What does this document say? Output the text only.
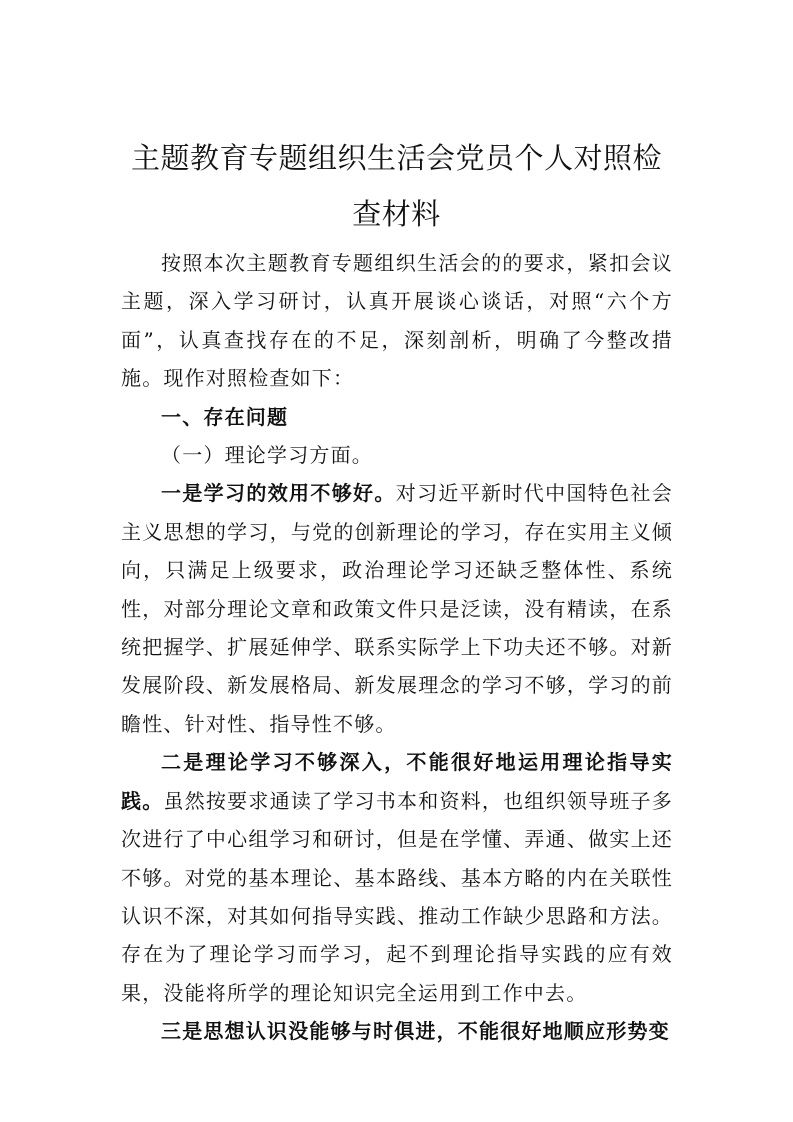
主题教育专题组织生活会党员个人对照检
查材料

按照本次主题教育专题组织生活会的的要求，紧扣会议主题，深入学习研讨，认真开展谈心谈话，对照“六个方面”，认真查找存在的不足，深刻剖析，明确了今整改措施。现作对照检查如下：

一、存在问题

（一）理论学习方面。

一是学习的效用不够好。对习近平新时代中国特色社会主义思想的学习，与党的创新理论的学习，存在实用主义倾向，只满足上级要求，政治理论学习还缺乏整体性、系统性，对部分理论文章和政策文件只是泛读，没有精读，在系统把握学、扩展延伸学、联系实际学上下功夫还不够。对新发展阶段、新发展格局、新发展理念的学习不够，学习的前瞻性、针对性、指导性不够。

二是理论学习不够深入，不能很好地运用理论指导实践。虽然按要求通读了学习书本和资料，也组织领导班子多次进行了中心组学习和研讨，但是在学懂、弄通、做实上还不够。对党的基本理论、基本路线、基本方略的内在关联性认识不深，对其如何指导实践、推动工作缺少思路和方法。存在为了理论学习而学习，起不到理论指导实践的应有效果，没能将所学的理论知识完全运用到工作中去。

三是思想认识没能够与时俱进，不能很好地顺应形势变
